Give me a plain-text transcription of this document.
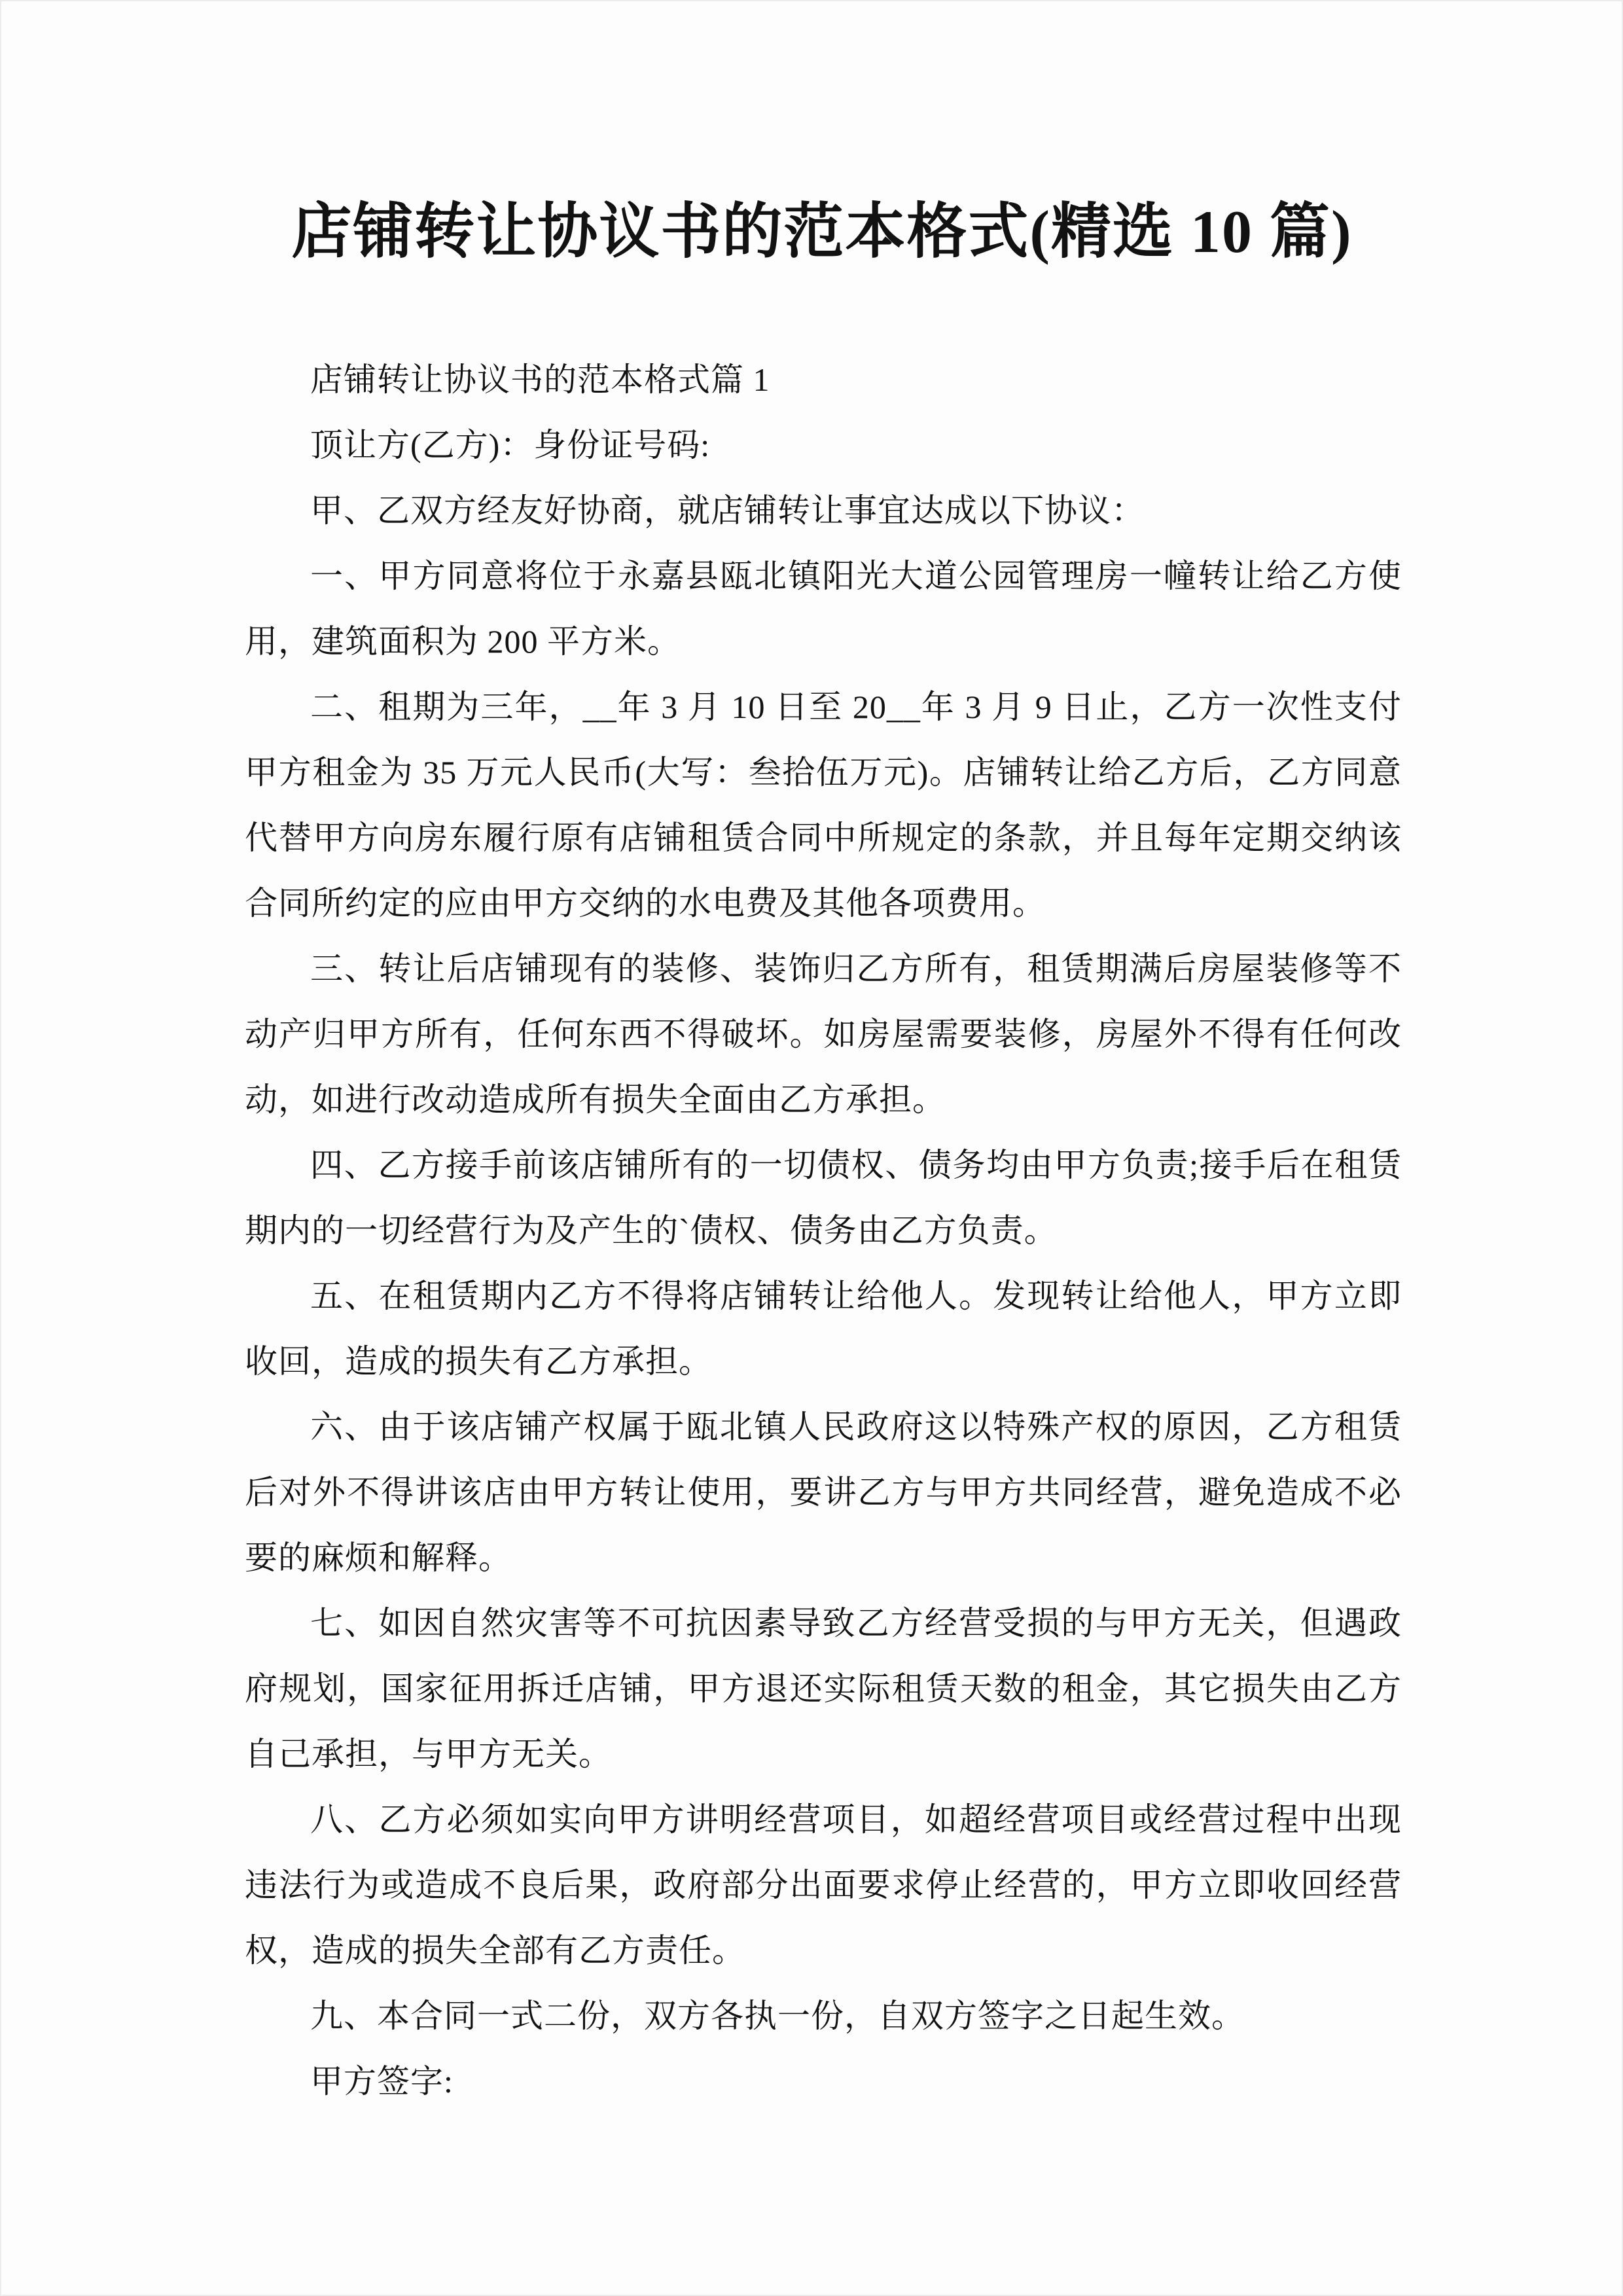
店铺转让协议书的范本格式(精选 10 篇)

店铺转让协议书的范本格式篇 1

顶让方(乙方)：身份证号码:

甲、乙双方经友好协商，就店铺转让事宜达成以下协议：

一、甲方同意将位于永嘉县瓯北镇阳光大道公园管理房一幢转让给乙方使用，建筑面积为 200 平方米。

二、租期为三年，__年 3 月 10 日至 20__年 3 月 9 日止，乙方一次性支付甲方租金为 35 万元人民币(大写：叁拾伍万元)。店铺转让给乙方后，乙方同意代替甲方向房东履行原有店铺租赁合同中所规定的条款，并且每年定期交纳该合同所约定的应由甲方交纳的水电费及其他各项费用。

三、转让后店铺现有的装修、装饰归乙方所有，租赁期满后房屋装修等不动产归甲方所有，任何东西不得破坏。如房屋需要装修，房屋外不得有任何改动，如进行改动造成所有损失全面由乙方承担。

四、乙方接手前该店铺所有的一切债权、债务均由甲方负责;接手后在租赁期内的一切经营行为及产生的`债权、债务由乙方负责。

五、在租赁期内乙方不得将店铺转让给他人。发现转让给他人，甲方立即收回，造成的损失有乙方承担。

六、由于该店铺产权属于瓯北镇人民政府这以特殊产权的原因，乙方租赁后对外不得讲该店由甲方转让使用，要讲乙方与甲方共同经营，避免造成不必要的麻烦和解释。

七、如因自然灾害等不可抗因素导致乙方经营受损的与甲方无关，但遇政府规划，国家征用拆迁店铺，甲方退还实际租赁天数的租金，其它损失由乙方自己承担，与甲方无关。

八、乙方必须如实向甲方讲明经营项目，如超经营项目或经营过程中出现违法行为或造成不良后果，政府部分出面要求停止经营的，甲方立即收回经营权，造成的损失全部有乙方责任。

九、本合同一式二份，双方各执一份，自双方签字之日起生效。

甲方签字:
